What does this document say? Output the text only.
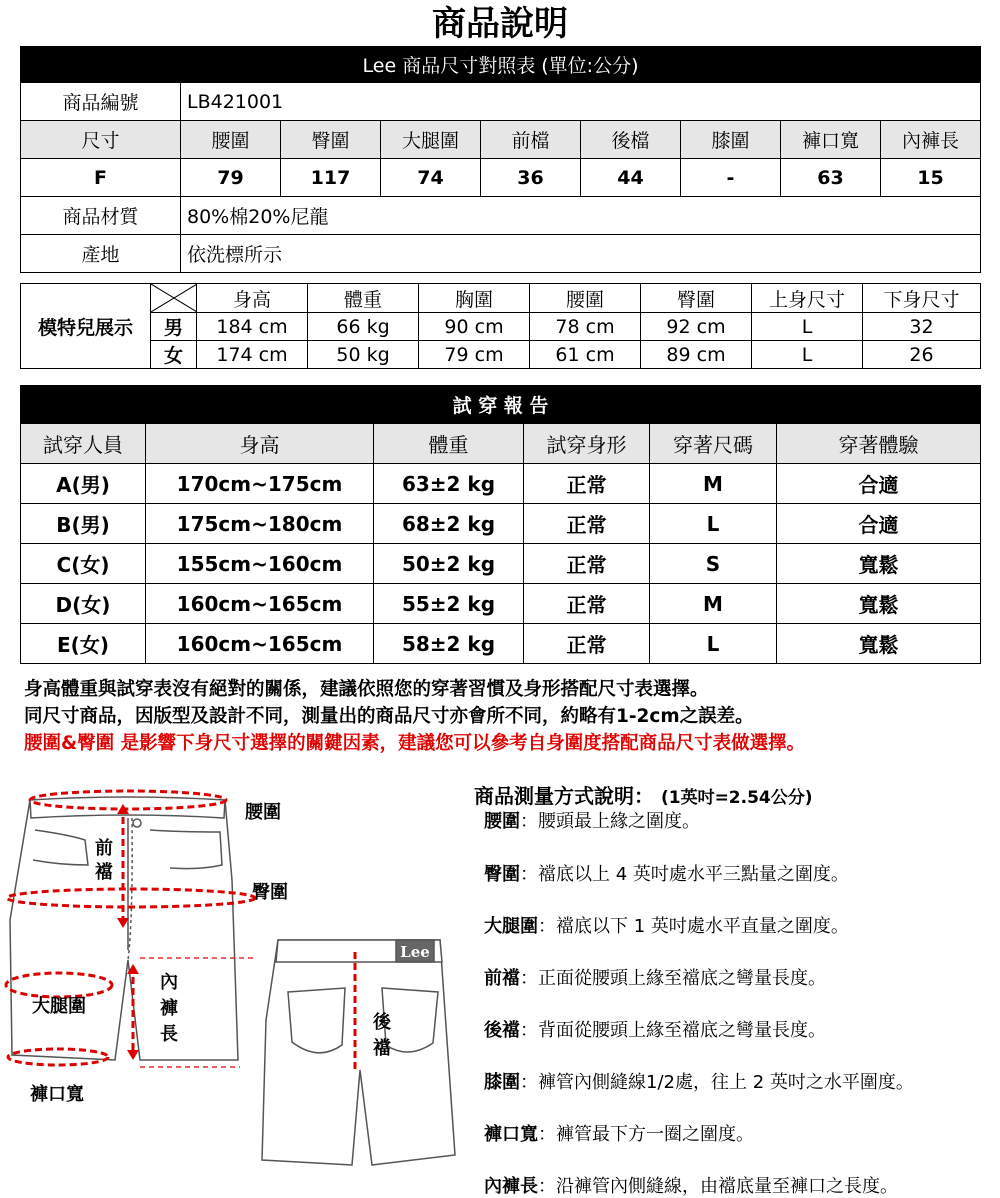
商品說明
Lee 商品尺寸對照表 (單位:公分)								
商品編號	LB421001							
尺寸	腰圍	臀圍	大腿圍	前檔	後檔	膝圍	褲口寬	內褲長
F	79	117	74	36	44	-	63	15
商品材質	80%棉20%尼龍							
產地	依洗標所示							
模特兒展示		身高	體重	胸圍	腰圍	臀圍	上身尺寸	下身尺寸
	男	184 cm	66 kg	90 cm	78 cm	92 cm	L	32
	女	174 cm	50 kg	79 cm	61 cm	89 cm	L	26
試 穿 報 告					
試穿人員	身高	體重	試穿身形	穿著尺碼	穿著體驗
A(男)	170cm~175cm	63±2 kg	正常	M	合適
B(男)	175cm~180cm	68±2 kg	正常	L	合適
C(女)	155cm~160cm	50±2 kg	正常	S	寬鬆
D(女)	160cm~165cm	55±2 kg	正常	M	寬鬆
E(女)	160cm~165cm	58±2 kg	正常	L	寬鬆
身高體重與試穿表沒有絕對的關係，建議依照您的穿著習慣及身形搭配尺寸表選擇。
同尺寸商品，因版型及設計不同，測量出的商品尺寸亦會所不同，約略有1-2cm之誤差。
腰圍&臀圍 是影響下身尺寸選擇的關鍵因素，建議您可以參考自身圍度搭配商品尺寸表做選擇。
Lee
腰圍
前
襠
臀圍
大腿圍
內
褲
長
褲口寬
後
襠
商品測量方式說明： (1英吋=2.54公分)
腰圍：腰頭最上緣之圍度。
臀圍：襠底以上 4 英吋處水平三點量之圍度。
大腿圍：襠底以下 1 英吋處水平直量之圍度。
前襠：正面從腰頭上緣至襠底之彎量長度。
後襠：背面從腰頭上緣至襠底之彎量長度。
膝圍：褲管內側縫線1/2處，往上 2 英吋之水平圍度。
褲口寬：褲管最下方一圈之圍度。
內褲長：沿褲管內側縫線，由襠底量至褲口之長度。
